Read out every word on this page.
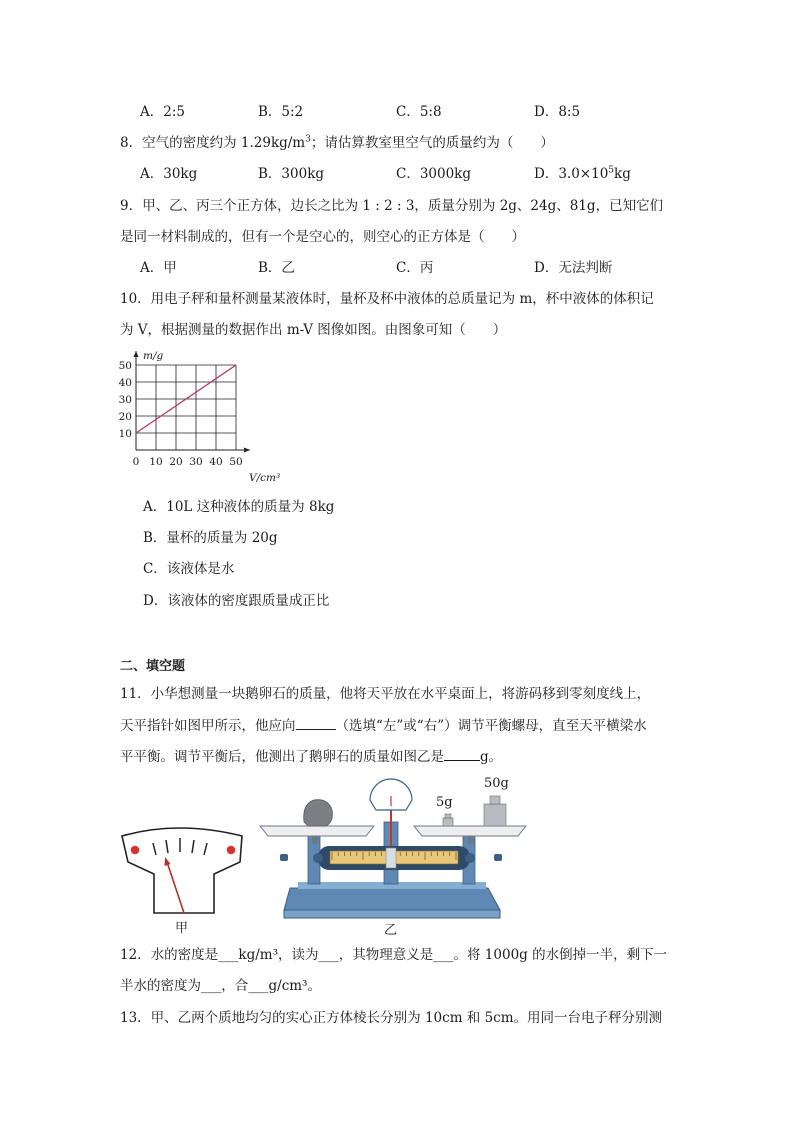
A．2:5	B．5:2	C．5:8	D．8:5
8．空气的密度约为 $1.29kg/m^3$；请估算教室里空气的质量约为（　　）
A．30kg	B．300kg	C．3000kg	D．$3.0\times 10^5kg$
9．甲、乙、丙三个正方体，边长之比为 1 : 2 : 3，质量分别为 2g、24g、81g，已知它们
是同一材料制成的，但有一个是空心的，则空心的正方体是（　　）
A．甲	B．乙	C．丙	D．无法判断
10．用电子秤和量杯测量某液体时，量杯及杯中液体的总质量记为 m，杯中液体的体积记
为 V，根据测量的数据作出 m-V 图像如图。由图象可知（　　）
0 10 20 30 40 50
10
20
30
40
50
m/g
V/cm³
A．10L 这种液体的质量为 8kg
B．量杯的质量为 20g
C．该液体是水
D．该液体的密度跟质量成正比
二、填空题
11．小华想测量一块鹅卵石的质量，他将天平放在水平桌面上，将游码移到零刻度线上，
天平指针如图甲所示，他应向	（选填“左”或“右”）调节平衡螺母，直至天平横梁水
平平衡。调节平衡后，他测出了鹅卵石的质量如图乙是	g。
甲
5g
50g
乙
12．水的密度是___kg/m³，读为___，其物理意义是___。将 1000g 的水倒掉一半，剩下一
半水的密度为___，合___g/cm³。
13．甲、乙两个质地均匀的实心正方体棱长分别为 10cm 和 5cm。用同一台电子秤分别测
